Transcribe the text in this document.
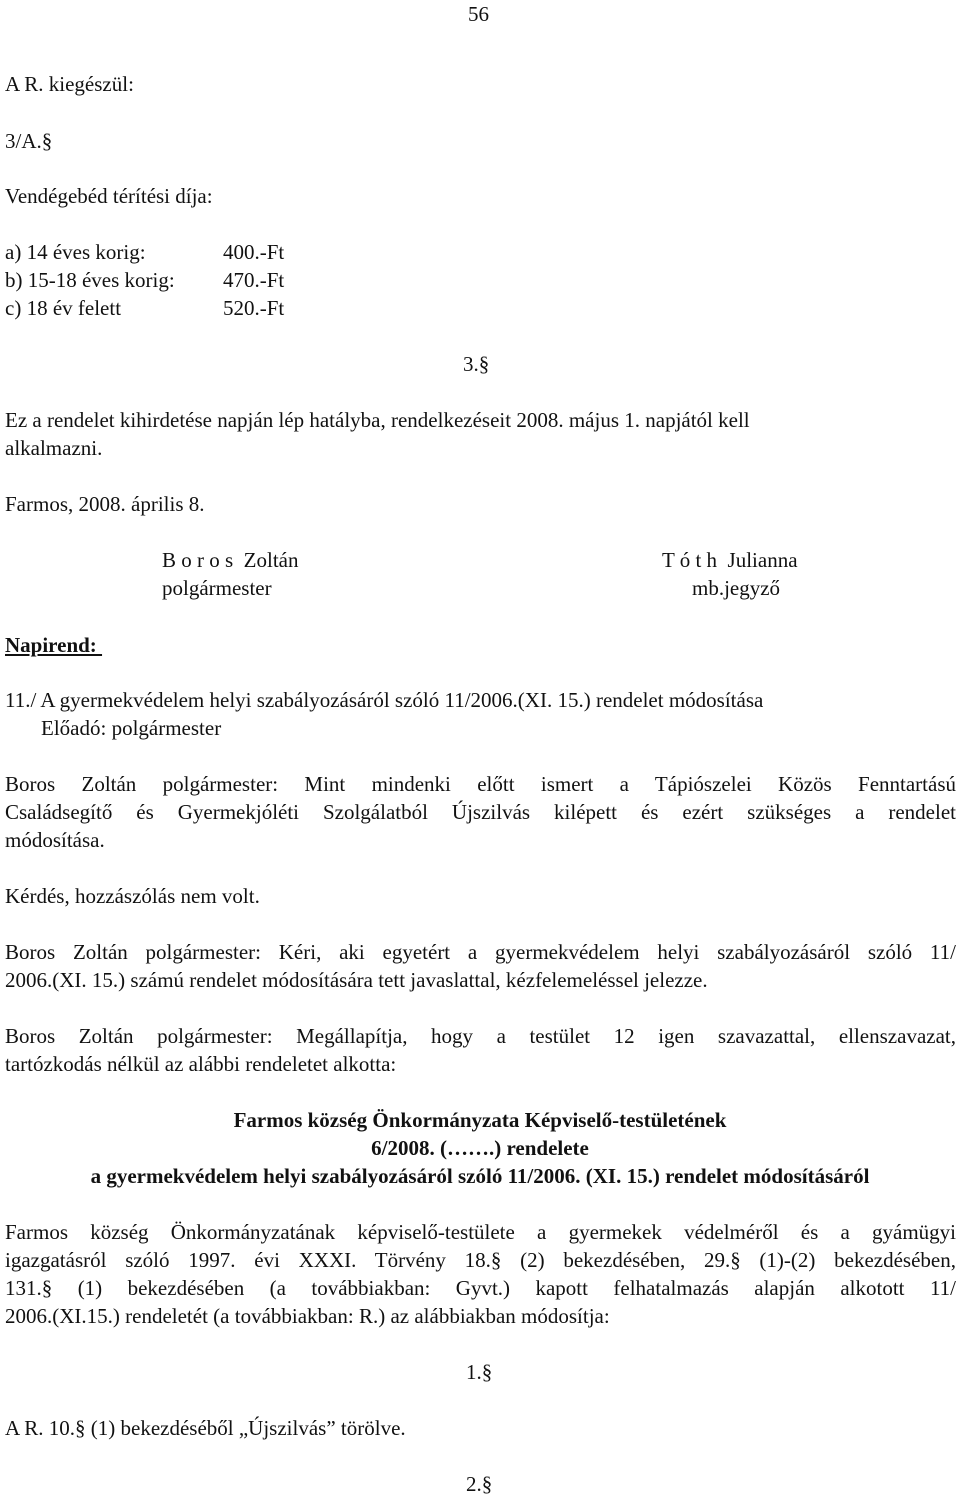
56
A R. kiegészül:
3/A.§
Vendégebéd térítési díja:
a) 14 éves korig:	400.-Ft
b) 15-18 éves korig: 470.-Ft
c) 18 év felett	520.-Ft
3.§
Ez a rendelet kihirdetése napján lép hatályba, rendelkezéseit 2008. május 1. napjától kell
alkalmazni.
Farmos, 2008. április 8.
B o r o s  Zoltán
polgármester
T ó t h  Julianna
mb.jegyző
Napirend:
11./ A gyermekvédelem helyi szabályozásáról szóló 11/2006.(XI. 15.) rendelet módosítása
Előadó: polgármester
Boros Zoltán polgármester: Mint mindenki előtt ismert a Tápiószelei Közös Fenntartású
Családsegítő és Gyermekjóléti Szolgálatból Újszilvás kilépett és ezért szükséges a rendelet
módosítása.
Kérdés, hozzászólás nem volt.
Boros Zoltán polgármester: Kéri, aki egyetért a gyermekvédelem helyi szabályozásáról szóló 11/
2006.(XI. 15.) számú rendelet módosítására tett javaslattal, kézfelemeléssel jelezze.
Boros Zoltán polgármester: Megállapítja, hogy a testület 12 igen szavazattal, ellenszavazat,
tartózkodás nélkül az alábbi rendeletet alkotta:
Farmos község Önkormányzata Képviselő-testületének
6/2008. (…….) rendelete
a gyermekvédelem helyi szabályozásáról szóló 11/2006. (XI. 15.) rendelet módosításáról
Farmos község Önkormányzatának képviselő-testülete a gyermekek védelméről és a gyámügyi
igazgatásról szóló 1997. évi XXXI. Törvény 18.§ (2) bekezdésében, 29.§ (1)-(2) bekezdésében,
131.§ (1) bekezdésében (a továbbiakban: Gyvt.) kapott felhatalmazás alapján alkotott 11/
2006.(XI.15.) rendeletét (a továbbiakban: R.) az alábbiakban módosítja:
1.§
A R. 10.§ (1) bekezdéséből „Újszilvás” törölve.
2.§
